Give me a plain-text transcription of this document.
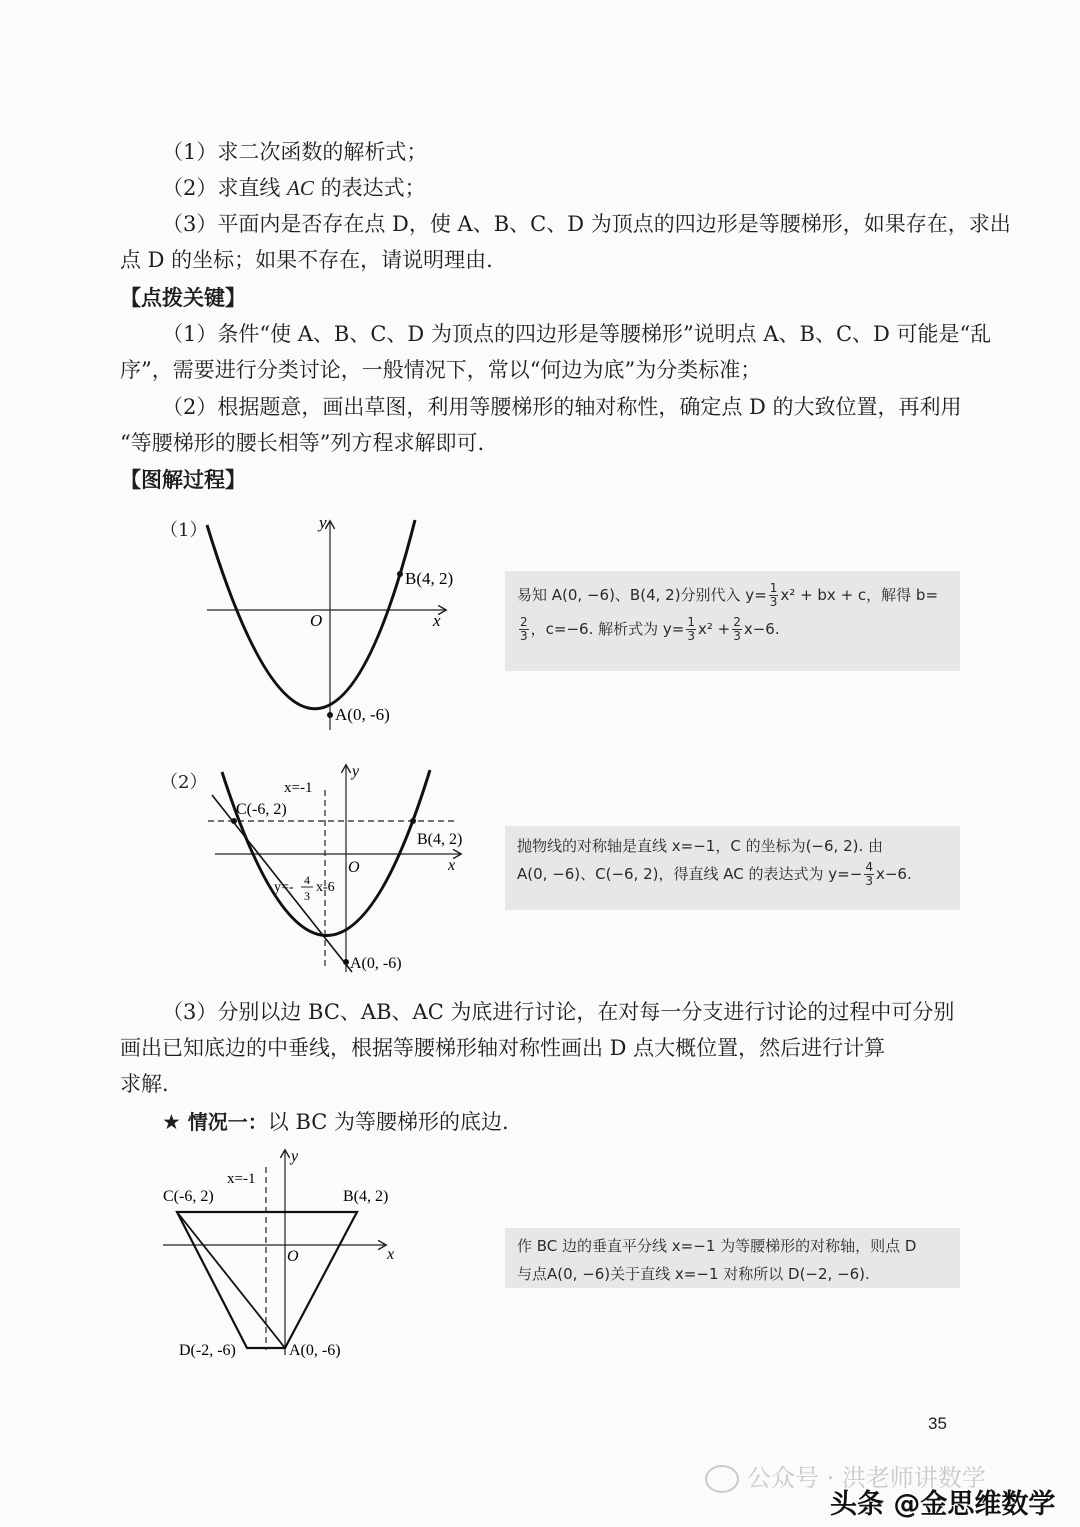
（1）求二次函数的解析式；
（2）求直线 AC 的表达式；
（3）平面内是否存在点 D，使 A、B、C、D 为顶点的四边形是等腰梯形，如果存在，求出
点 D 的坐标；如果不存在，请说明理由.
【点拨关键】
（1）条件“使 A、B、C、D 为顶点的四边形是等腰梯形”说明点 A、B、C、D 可能是“乱
序”，需要进行分类讨论，一般情况下，常以“何边为底”为分类标准；
（2）根据题意，画出草图，利用等腰梯形的轴对称性，确定点 D 的大致位置，再利用
“等腰梯形的腰长相等”列方程求解即可.
【图解过程】
（1）	y
x
O
B(4, 2)
A(0, -6)
易知 A(0, −6)、B(4, 2)分别代入 $y= \frac{1}{3} x^2$ + bx + c，解得 b=
$\frac{2}{3}$ ，c=−6. 解析式为 $y= \frac{1}{3} x^2 + \frac{2}{3} x-6$.
（2）
y
x
O
x=-1
C(-6, 2)
B(4, 2)
A(0, -6)
y=- 4
3
x-6
抛物线的对称轴是直线 x=−1，C 的坐标为(−6, 2). 由
A(0, −6)、C(−6, 2)，得直线 AC 的表达式为 $y=- \frac{4}{3} x-6$.
（3）分别以边 BC、AB、AC 为底进行讨论，在对每一分支进行讨论的过程中可分别
画出已知底边的中垂线，根据等腰梯形轴对称性画出 D 点大概位置，然后进行计算
求解.
★ 情况一：以 BC 为等腰梯形的底边.
y
x
O
x=-1
C(-6, 2)	B(4, 2)
D(-2, -6)	A(0, -6)
作 BC 边的垂直平分线 x=−1 为等腰梯形的对称轴，则点 D
与点A(0, −6)关于直线 x=−1 对称所以 D(−2, −6).
35
公众号 · 洪老师讲数学
头条 @金思维数学
